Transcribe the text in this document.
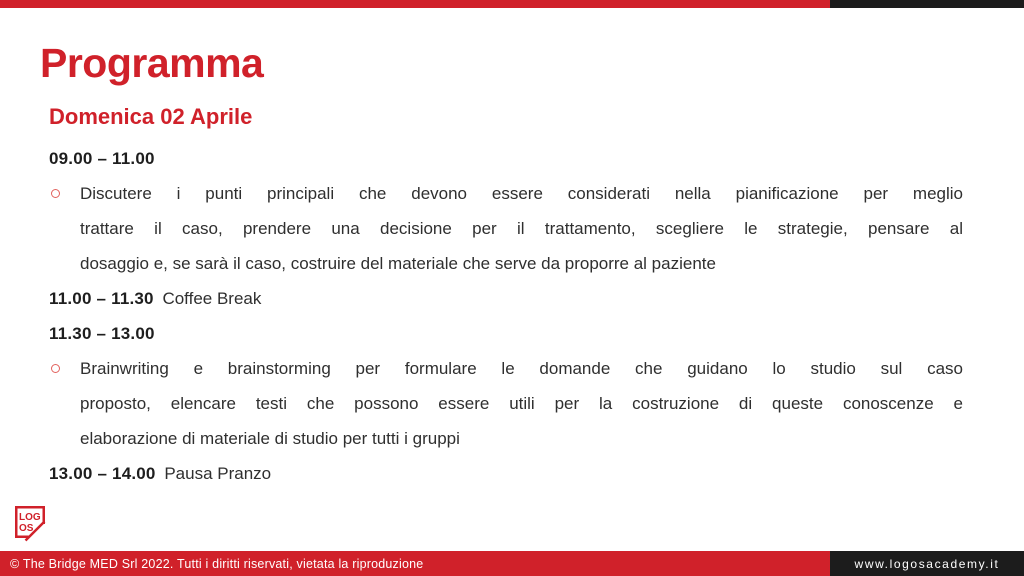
Programma
Domenica 02 Aprile
09.00 – 11.00
Discutere i punti principali che devono essere considerati nella pianificazione per meglio
trattare il caso, prendere una decisione per il trattamento, scegliere le strategie, pensare al
dosaggio e, se sarà il caso, costruire del materiale che serve da proporre al paziente
11.00 – 11.30 Coffee Break
11.30 – 13.00
Brainwriting e brainstorming per formulare le domande che guidano lo studio sul caso
proposto, elencare testi che possono essere utili per la costruzione di queste conoscenze e
elaborazione di materiale di studio per tutti i gruppi
13.00 – 14.00 Pausa Pranzo
LOG
OS
© The Bridge MED Srl 2022. Tutti i diritti riservati, vietata la riproduzione	www.logosacademy.it
